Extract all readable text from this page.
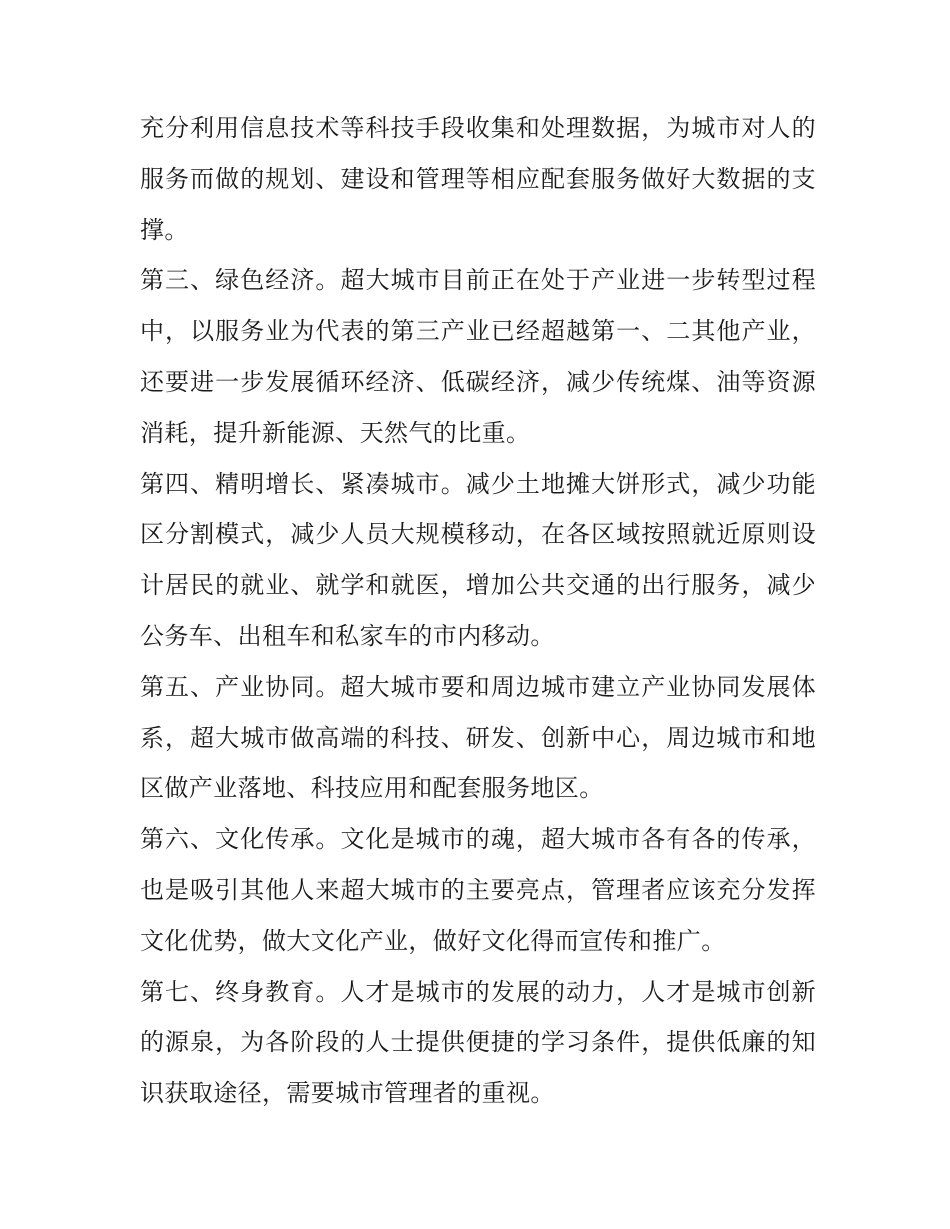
充分利用信息技术等科技手段收集和处理数据，为城市对人的服务而做的规划、建设和管理等相应配套服务做好大数据的支撑。

第三、绿色经济。超大城市目前正在处于产业进一步转型过程中，以服务业为代表的第三产业已经超越第一、二其他产业，还要进一步发展循环经济、低碳经济，减少传统煤、油等资源消耗，提升新能源、天然气的比重。

第四、精明增长、紧凑城市。减少土地摊大饼形式，减少功能区分割模式，减少人员大规模移动，在各区域按照就近原则设计居民的就业、就学和就医，增加公共交通的出行服务，减少公务车、出租车和私家车的市内移动。

第五、产业协同。超大城市要和周边城市建立产业协同发展体系，超大城市做高端的科技、研发、创新中心，周边城市和地区做产业落地、科技应用和配套服务地区。

第六、文化传承。文化是城市的魂，超大城市各有各的传承，也是吸引其他人来超大城市的主要亮点，管理者应该充分发挥文化优势，做大文化产业，做好文化得而宣传和推广。

第七、终身教育。人才是城市的发展的动力，人才是城市创新的源泉，为各阶段的人士提供便捷的学习条件，提供低廉的知识获取途径，需要城市管理者的重视。
